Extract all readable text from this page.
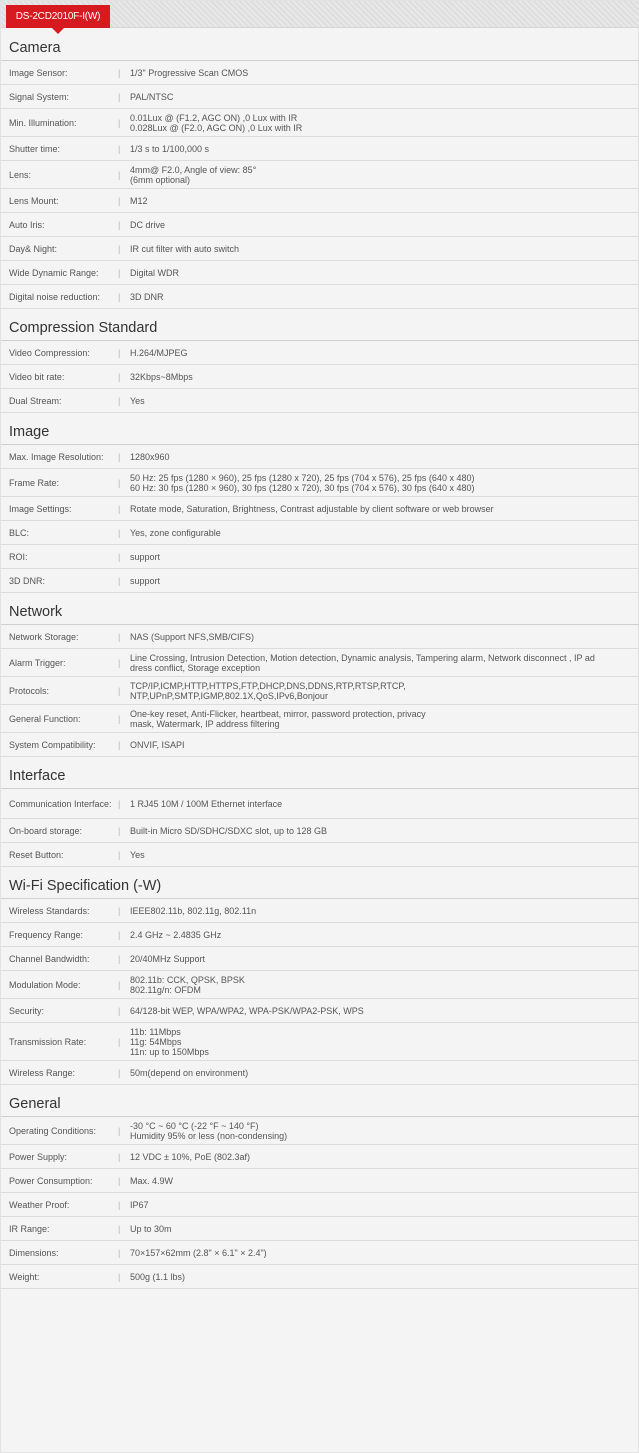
DS-2CD2010F-I(W)
Camera
Image Sensor:	|	1/3" Progressive Scan CMOS
Signal System:	|	PAL/NTSC
Min. Illumination:	|	0.01Lux @ (F1.2, AGC ON) ,0 Lux with IR
0.028Lux @ (F2.0, AGC ON) ,0 Lux with IR
Shutter time:	|	1/3 s to 1/100,000 s
Lens:	|	4mm@ F2.0, Angle of view: 85°
(6mm optional)
Lens Mount:	|	M12
Auto Iris:	|	DC drive
Day& Night:	|	IR cut filter with auto switch
Wide Dynamic Range:	|	Digital WDR
Digital noise reduction:	|	3D DNR
Compression Standard
Video Compression:	|	H.264/MJPEG
Video bit rate:	|	32Kbps~8Mbps
Dual Stream:	|	Yes
Image
Max. Image Resolution:	|	1280x960
Frame Rate:	|	50 Hz: 25 fps (1280 × 960), 25 fps (1280 x 720), 25 fps (704 x 576), 25 fps (640 x 480)
60 Hz: 30 fps (1280 × 960), 30 fps (1280 x 720), 30 fps (704 x 576), 30 fps (640 x 480)
Image Settings:	|	Rotate mode, Saturation, Brightness, Contrast adjustable by client software or web browser
BLC:	|	Yes, zone configurable
ROI:	|	support
3D DNR:	|	support
Network
Network Storage:	|	NAS (Support NFS,SMB/CIFS)
Alarm Trigger:	|	Line Crossing, Intrusion Detection, Motion detection, Dynamic analysis, Tampering alarm, Network disconnect , IP ad
dress conflict, Storage exception
Protocols:	|	TCP/IP,ICMP,HTTP,HTTPS,FTP,DHCP,DNS,DDNS,RTP,RTSP,RTCP,
NTP,UPnP,SMTP,IGMP,802.1X,QoS,IPv6,Bonjour
General Function:	|	One-key reset, Anti-Flicker, heartbeat, mirror, password protection, privacy
mask, Watermark, IP address filtering
System Compatibility:	|	ONVIF, ISAPI
Interface
Communication Interface: |	1 RJ45 10M / 100M Ethernet interface
On-board storage:	|	Built-in Micro SD/SDHC/SDXC slot, up to 128 GB
Reset Button:	|	Yes
Wi-Fi Specification (-W)
Wireless Standards:	|	IEEE802.11b, 802.11g, 802.11n
Frequency Range:	|	2.4 GHz ~ 2.4835 GHz
Channel Bandwidth:	|	20/40MHz Support
Modulation Mode:	|	802.11b: CCK, QPSK, BPSK
802.11g/n: OFDM
Security:	|	64/128-bit WEP, WPA/WPA2, WPA-PSK/WPA2-PSK, WPS
Transmission Rate:	|
11b: 11Mbps
11g: 54Mbps
11n: up to 150Mbps
Wireless Range:	|	50m(depend on environment)
General
Operating Conditions:	|	-30 °C ~ 60 °C (-22 °F ~ 140 °F)
Humidity 95% or less (non-condensing)
Power Supply:	|	12 VDC ± 10%, PoE (802.3af)
Power Consumption:	|	Max. 4.9W
Weather Proof:	|	IP67
IR Range:	|	Up to 30m
Dimensions:	|	70×157×62mm (2.8" × 6.1" × 2.4")
Weight:	|	500g (1.1 lbs)
